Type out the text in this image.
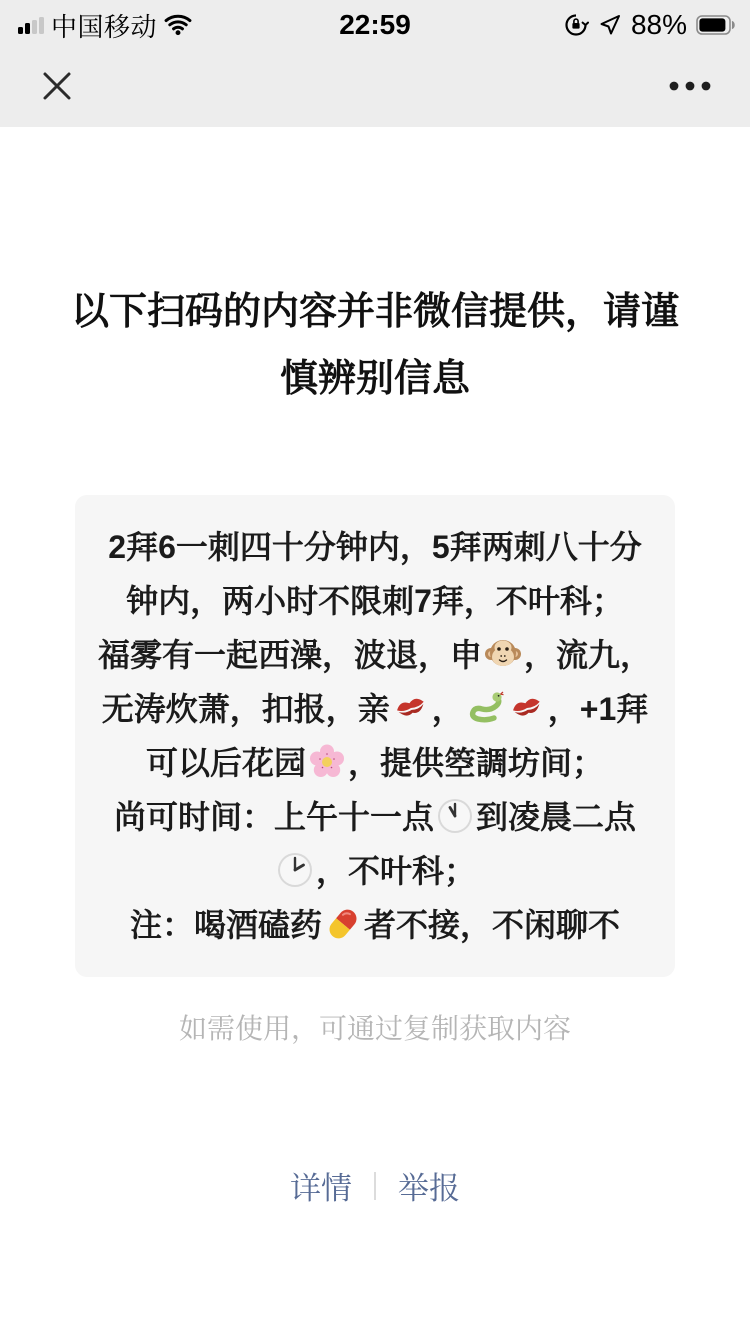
22:59
中国移动	88%
以下扫码的内容并非微信提供，请谨慎辨别信息
2拜6一刺四十分钟内，5拜两刺八十分钟内，两小时不限刺7拜，不叶科；
福雾有一起西澡，波退，申 ，流九，无涛炊萧，扣报，亲 ，	，+1拜可以后花园 ，提供箜調坊间；
尚可时间：上午十一点 到凌晨二点
，不叶科；
注：喝酒磕药 者不接，不闲聊不
如需使用，可通过复制获取内容
详情 举报
